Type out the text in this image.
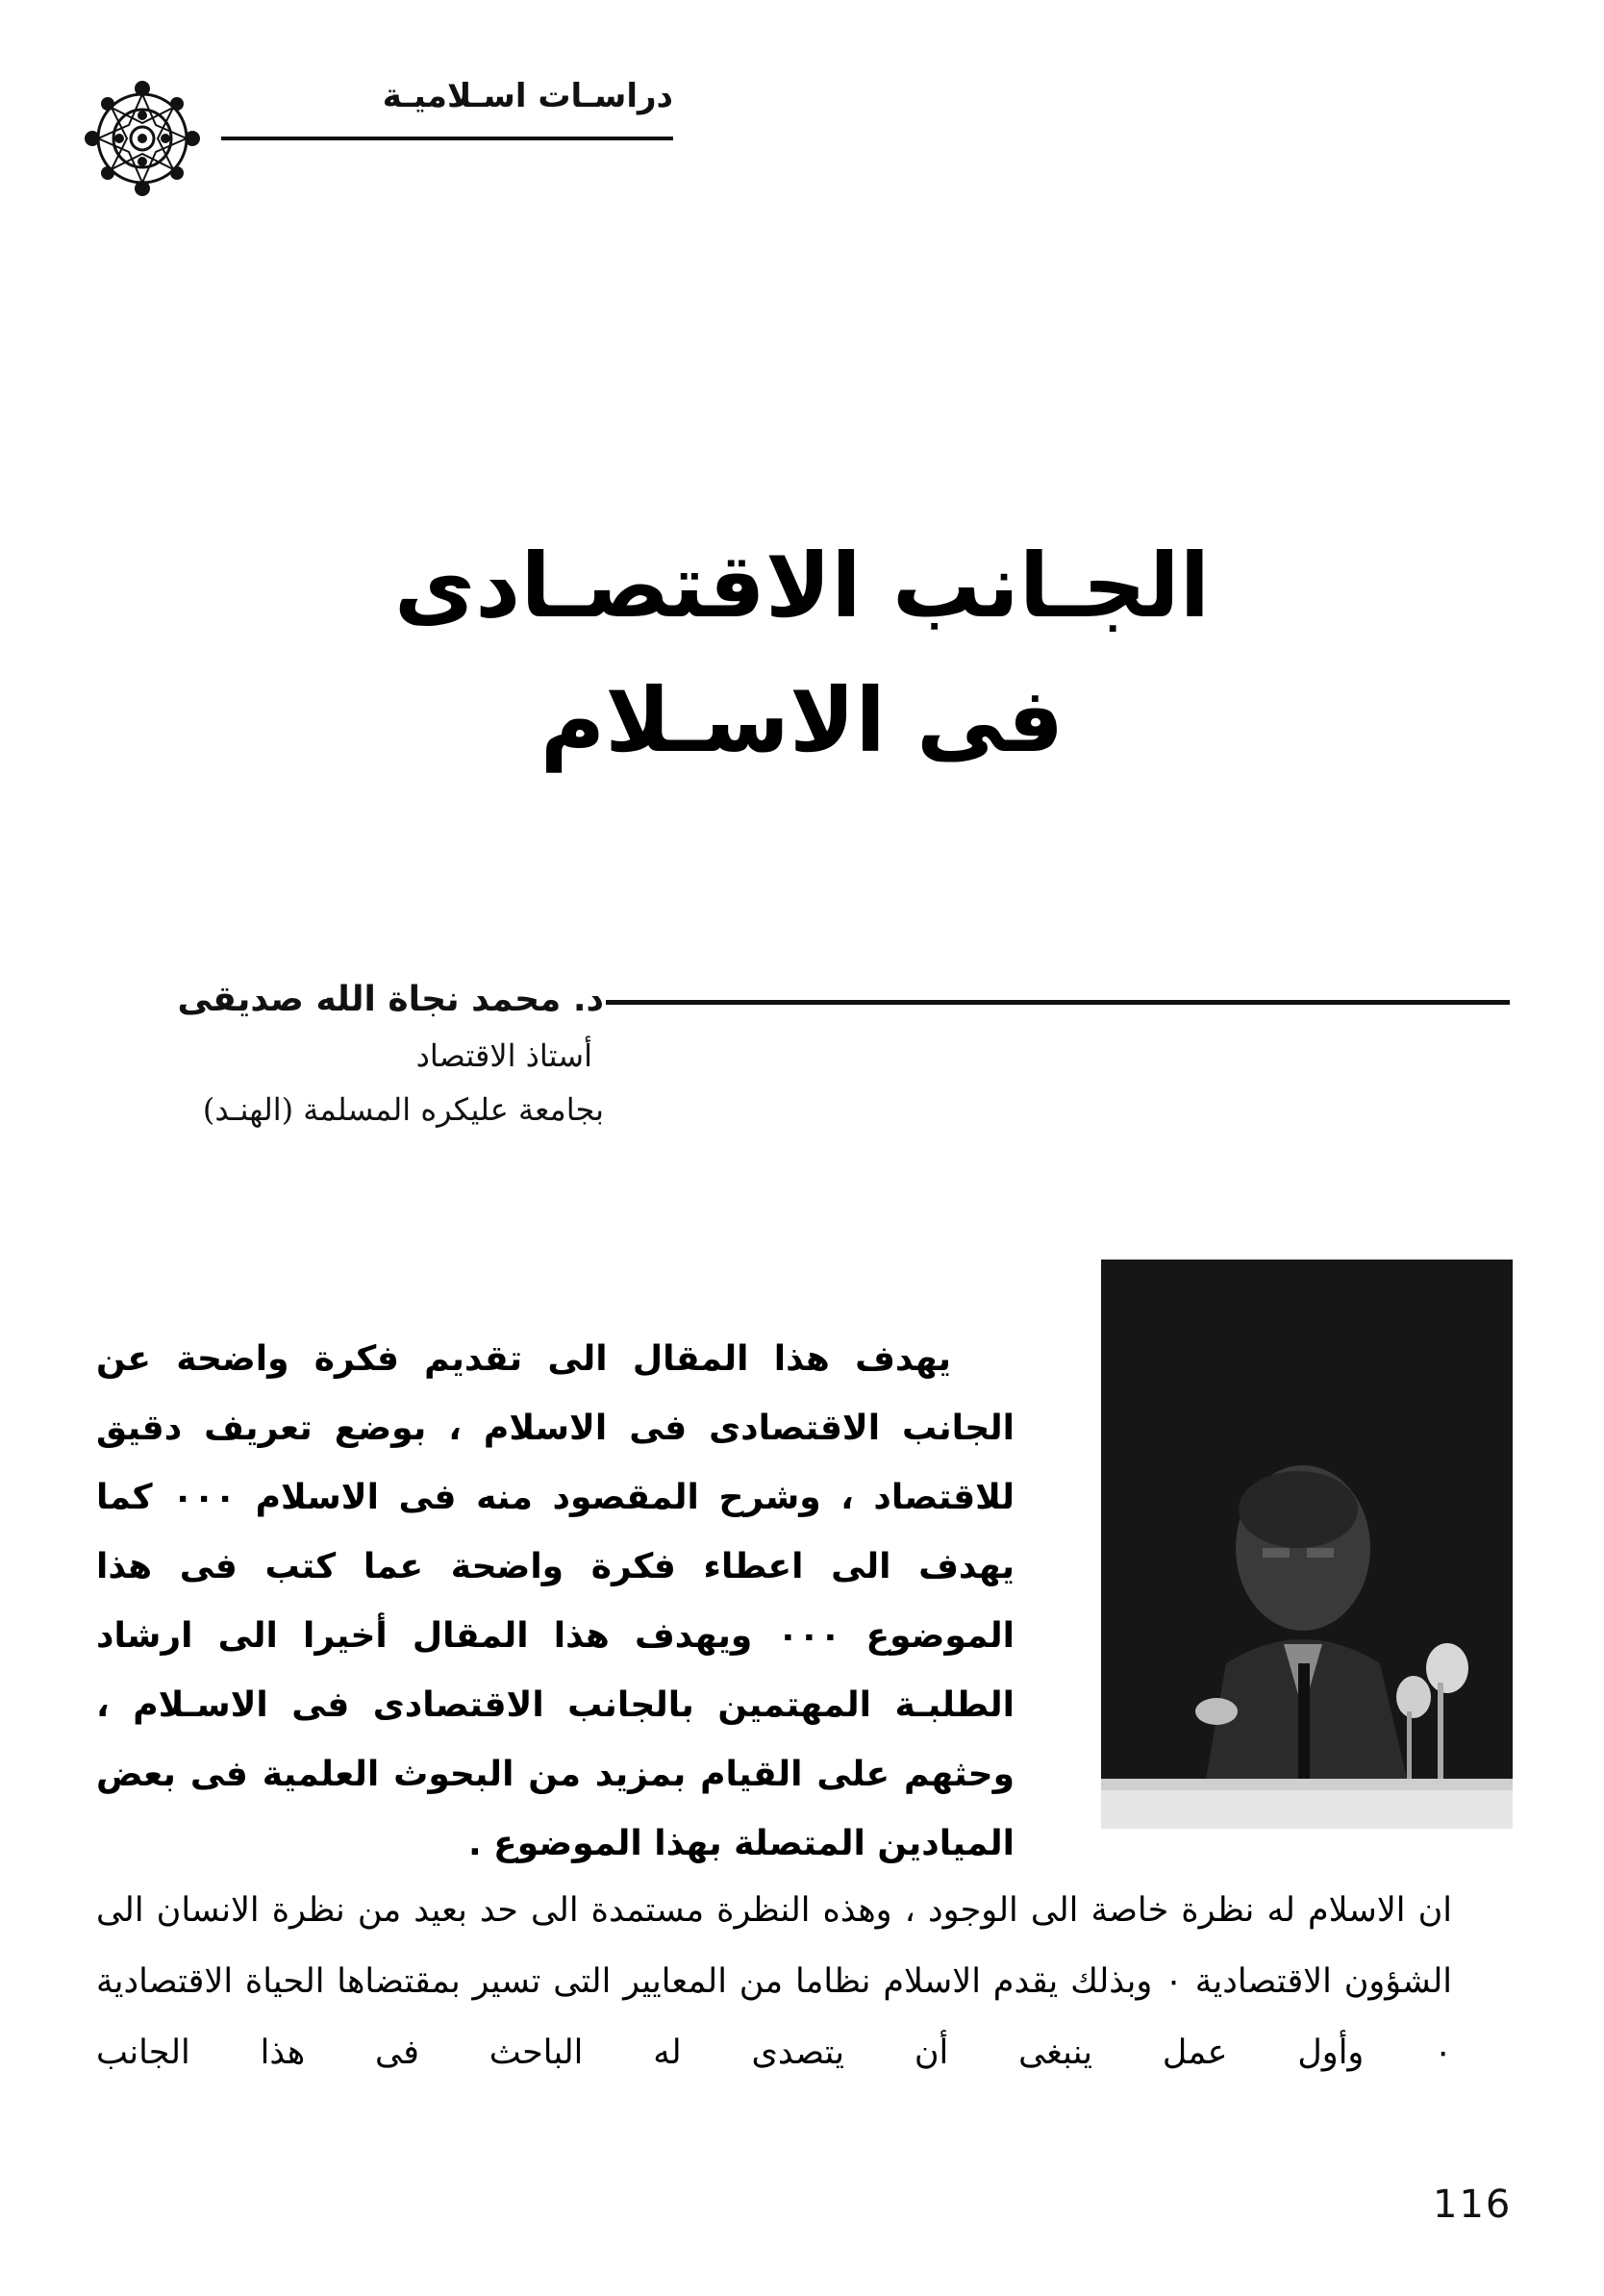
دراسـات اسـلاميـة
الجـانب الاقتصـادى
فى الاسـلام
د. محمد نجاة الله صديقى
أستاذ الاقتصاد
بجامعة عليكره المسلمة (الهنـد)
يهدف هذا المقال الى تقديم فكرة واضحة عن الجانب الاقتصادى فى الاسلام ، بوضع تعريف دقيق للاقتصاد ، وشرح المقصود منه فى الاسلام ٠٠٠ كما يهدف الى اعطاء فكرة واضحة عما كتب فى هذا الموضوع ٠٠٠ ويهدف هذا المقال أخيرا الى ارشاد الطلبـة المهتمين بالجانب الاقتصادى فى الاسـلام ، وحثهم على القيام بمزيد من البحوث العلمية فى بعض الميادين المتصلة بهذا الموضوع .

ان الاسلام له نظرة خاصة الى الوجود ، وهذه النظرة مستمدة الى حد بعيد من نظرة الانسان الى الشؤون الاقتصادية ٠ وبذلك يقدم الاسلام نظاما من المعايير التى تسير بمقتضاها الحياة الاقتصادية ٠ وأول عمل ينبغى أن يتصدى له الباحث فى هذا الجانب

116
